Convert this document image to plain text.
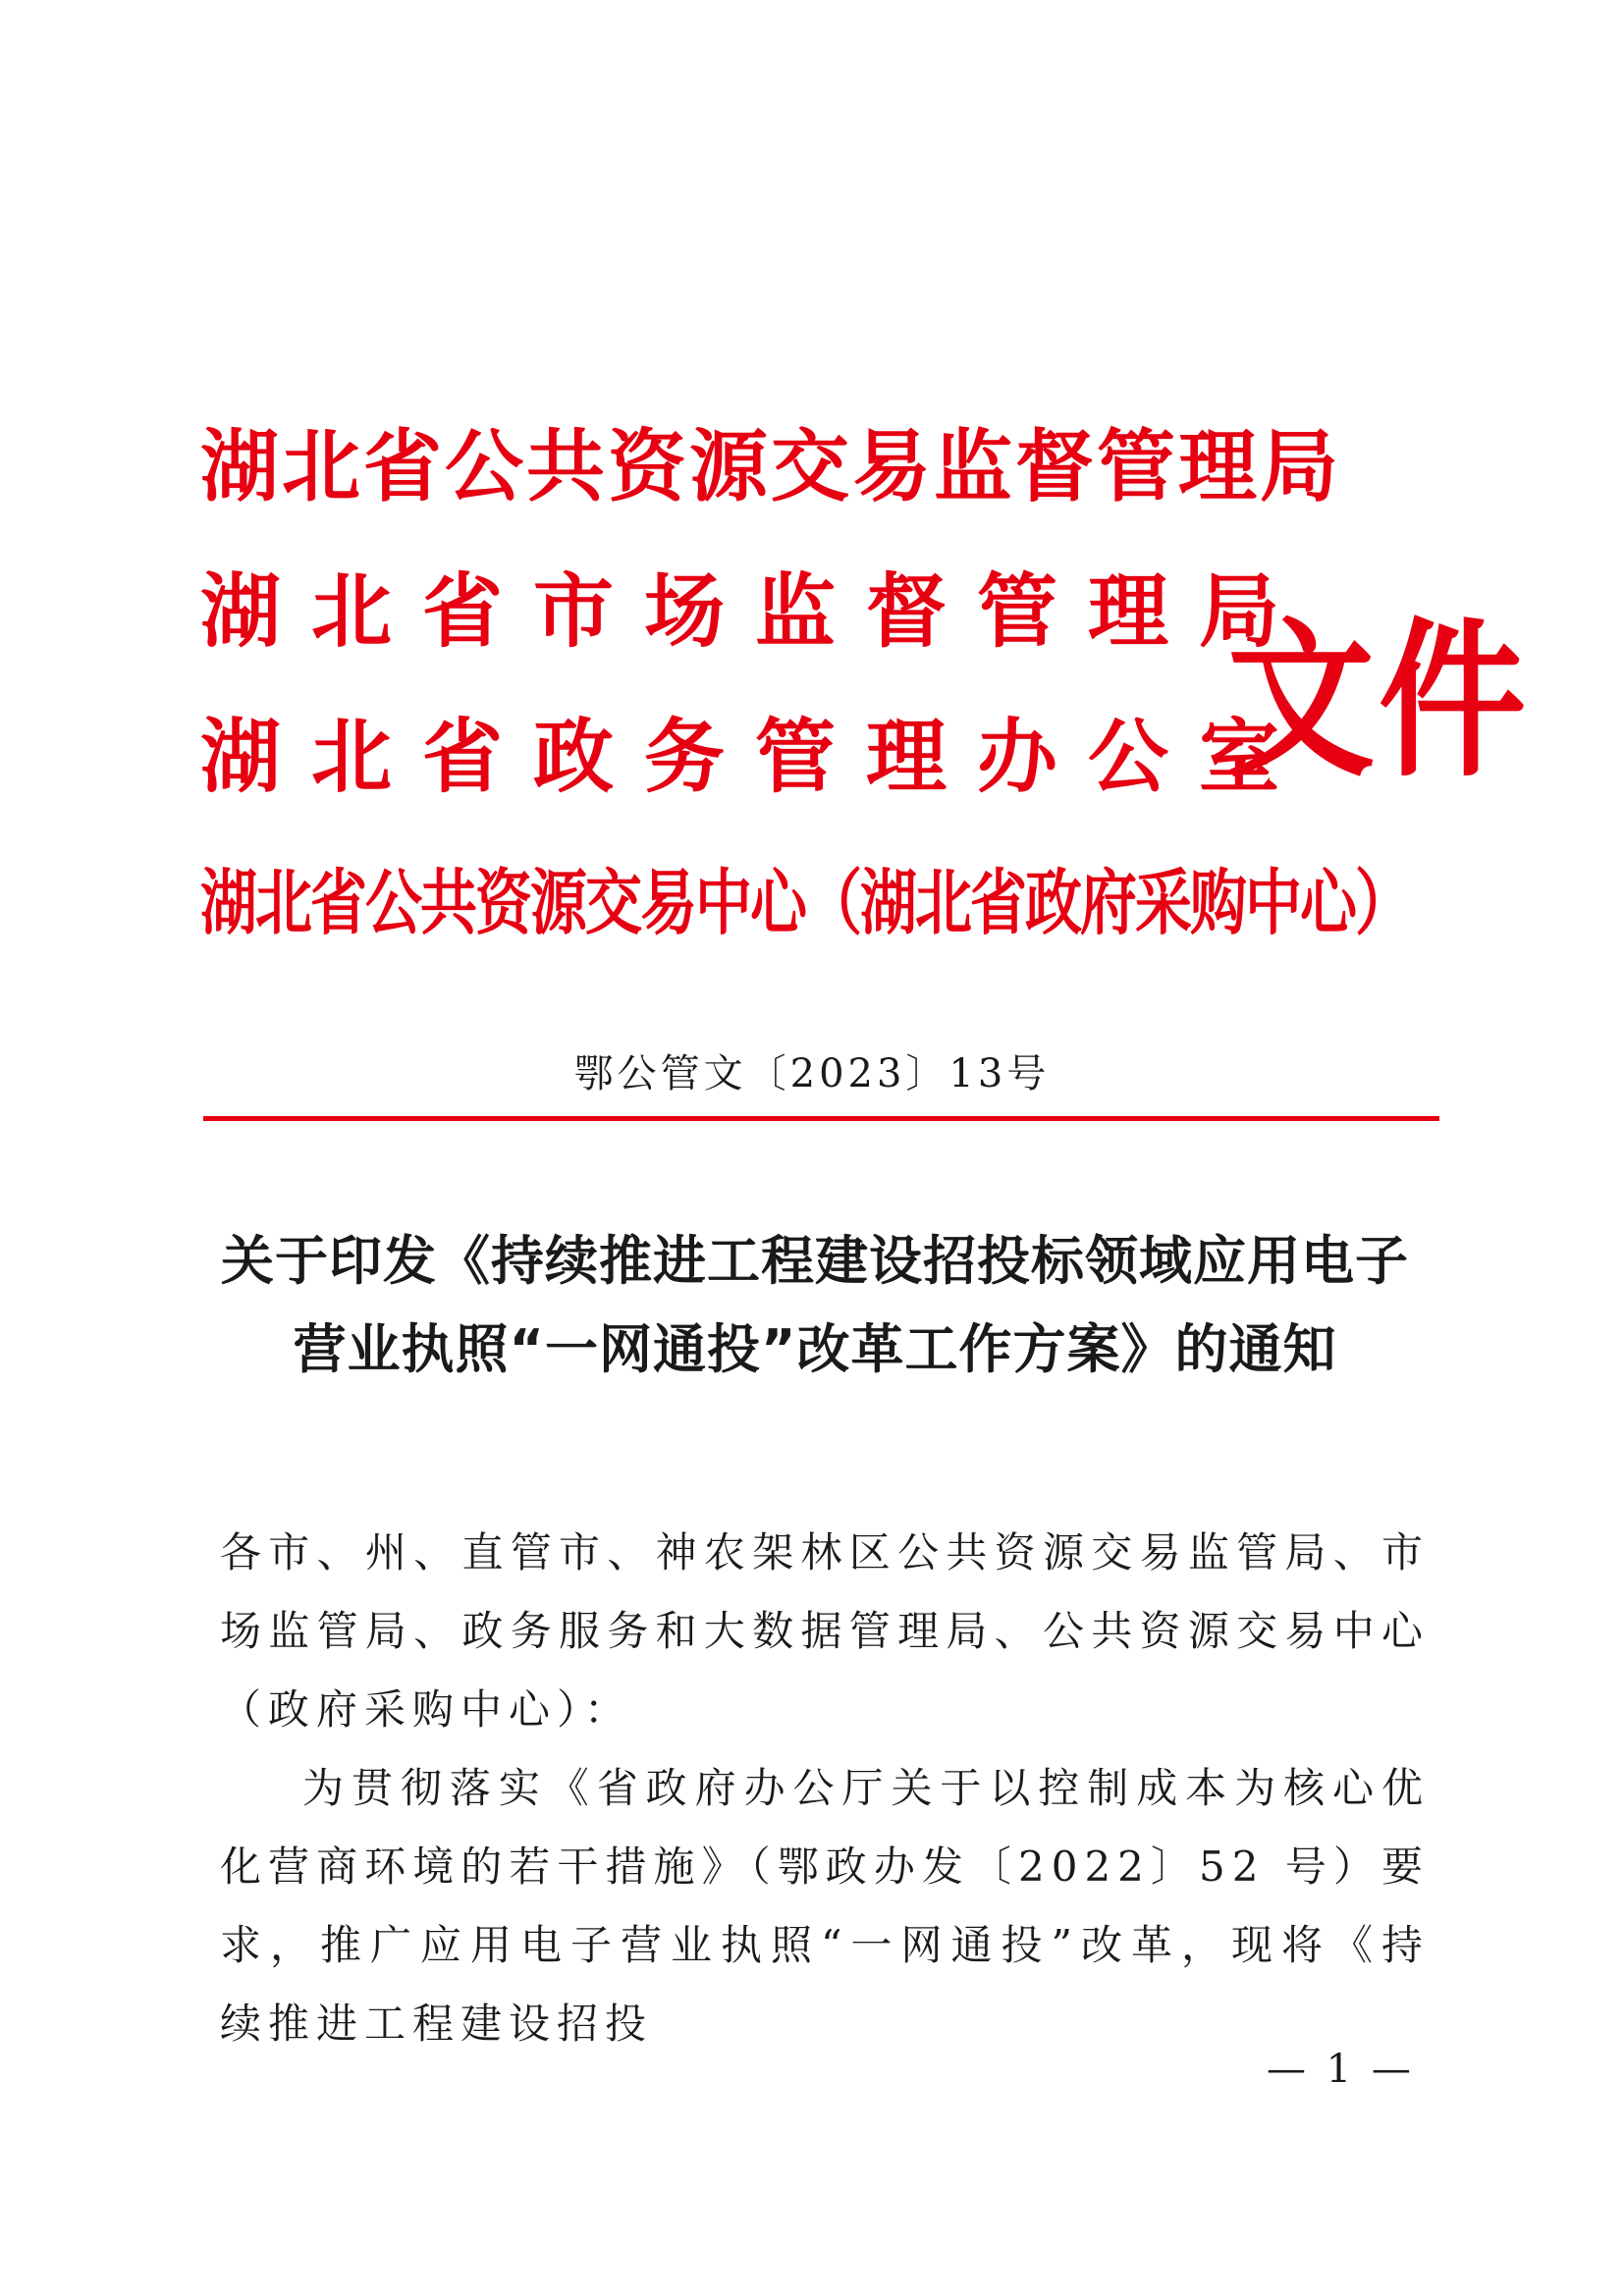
湖北省公共资源交易监督管理局
湖北省市场监督管理局
湖北省政务管理办公室
湖北省公共资源交易中心（湖北省政府采购中心）
文件
鄂公管文〔2023〕13号
关于印发《持续推进工程建设招投标领域应用电子
营业执照“一网通投”改革工作方案》的通知

各市、州、直管市、神农架林区公共资源交易监管局、市场监管局、政务服务和大数据管理局、公共资源交易中心（政府采购中心）：

为贯彻落实《省政府办公厅关于以控制成本为核心优化营商环境的若干措施》（鄂政办发〔2022〕52 号）要求，推广应用电子营业执照“一网通投”改革，现将《持续推进工程建设招投

— 1 —
